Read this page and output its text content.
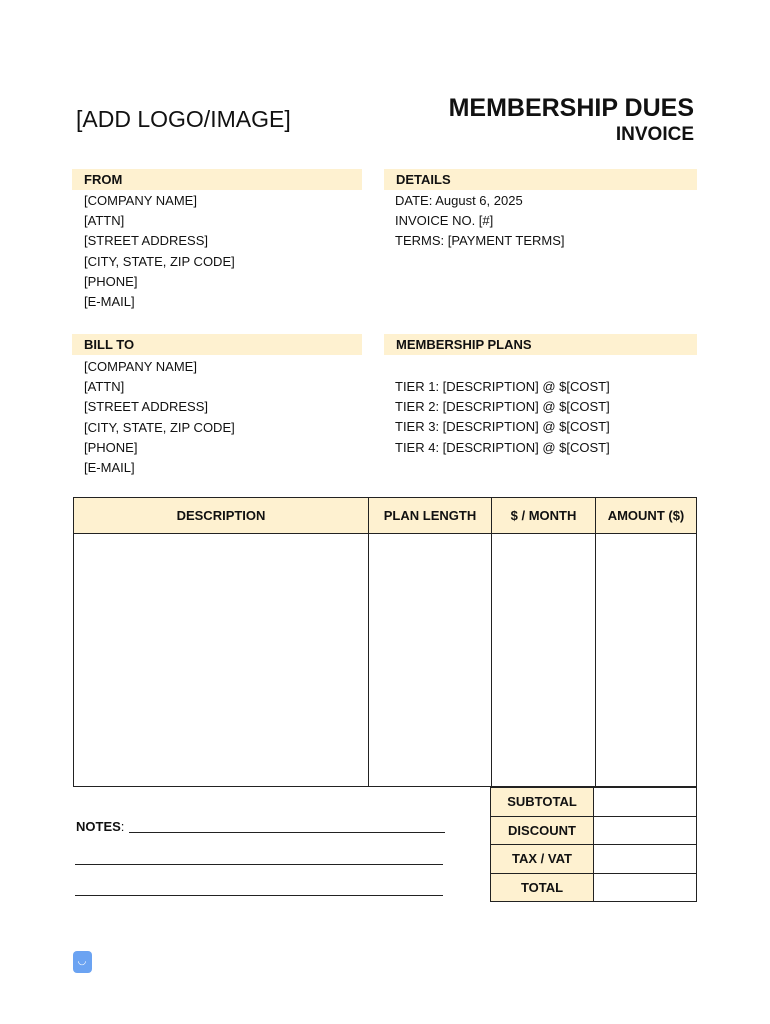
[ADD LOGO/IMAGE]	MEMBERSHIP DUES
INVOICE
FROM
[COMPANY NAME]
[ATTN]
[STREET ADDRESS]
[CITY, STATE, ZIP CODE]
[PHONE]
[E-MAIL]
DETAILS
DATE: August 6, 2025
INVOICE NO. [#]
TERMS: [PAYMENT TERMS]
BILL TO
[COMPANY NAME]
[ATTN]
[STREET ADDRESS]
[CITY, STATE, ZIP CODE]
[PHONE]
[E-MAIL]
MEMBERSHIP PLANS
TIER 1: [DESCRIPTION] @ $[COST]
TIER 2: [DESCRIPTION] @ $[COST]
TIER 3: [DESCRIPTION] @ $[COST]
TIER 4: [DESCRIPTION] @ $[COST]
DESCRIPTION	PLAN LENGTH	$ / MONTH	AMOUNT ($)

SUBTOTAL	
DISCOUNT	
TAX / VAT	
TOTAL	
NOTES:
◡
